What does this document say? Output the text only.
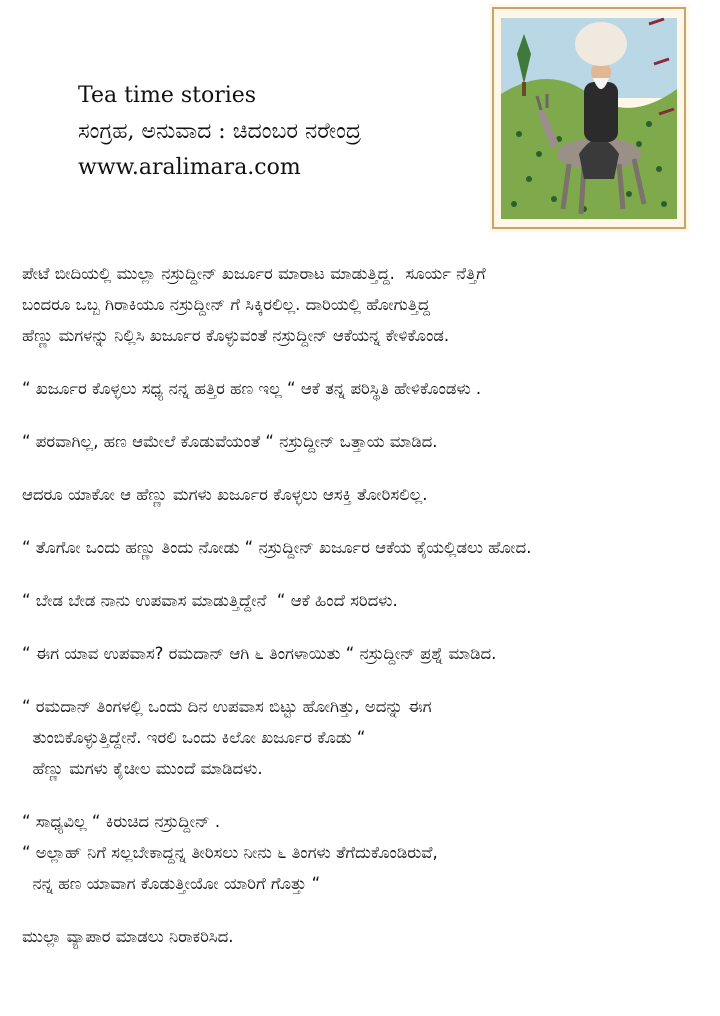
Tea time stories
ಸಂಗ್ರಹ, ಅನುವಾದ : ಚಿದಂಬರ ನರೇಂದ್ರ
www.aralimara.com

ಪೇಟೆ ಬೀದಿಯಲ್ಲಿ ಮುಲ್ಲಾ ನಸ್ರುದ್ದೀನ್ ಖರ್ಜೂರ ಮಾರಾಟ ಮಾಡುತ್ತಿದ್ದ.  ಸೂರ್ಯ ನೆತ್ತಿಗೆ

ಬಂದರೂ ಒಬ್ಬ ಗಿರಾಕಿಯೂ ನಸ್ರುದ್ದೀನ್ ಗೆ ಸಿಕ್ಕಿರಲಿಲ್ಲ. ದಾರಿಯಲ್ಲಿ ಹೋಗುತ್ತಿದ್ದ

ಹೆಣ್ಣು ಮಗಳನ್ನು ನಿಲ್ಲಿಸಿ ಖರ್ಜೂರ ಕೊಳ್ಳುವಂತೆ ನಸ್ರುದ್ದೀನ್ ಆಕೆಯನ್ನ ಕೇಳಿಕೊಂಡ.

“ ಖರ್ಜೂರ ಕೊಳ್ಳಲು ಸಧ್ಯ ನನ್ನ ಹತ್ತಿರ ಹಣ ಇಲ್ಲ “ ಆಕೆ ತನ್ನ ಪರಿಸ್ಥಿತಿ ಹೇಳಿಕೊಂಡಳು .

“ ಪರವಾಗಿಲ್ಲ, ಹಣ ಆಮೇಲೆ ಕೊಡುವೆಯಂತೆ “ ನಸ್ರುದ್ದೀನ್ ಒತ್ತಾಯ ಮಾಡಿದ.

ಆದರೂ ಯಾಕೋ ಆ ಹೆಣ್ಣು ಮಗಳು ಖರ್ಜೂರ ಕೊಳ್ಳಲು ಆಸಕ್ತಿ ತೋರಿಸಲಿಲ್ಲ.

“ ತೊಗೋ ಒಂದು ಹಣ್ಣು ತಿಂದು ನೋಡು “ ನಸ್ರುದ್ದೀನ್ ಖರ್ಜೂರ ಆಕೆಯ ಕೈಯಲ್ಲಿಡಲು ಹೋದ.

“ ಬೇಡ ಬೇಡ ನಾನು ಉಪವಾಸ ಮಾಡುತ್ತಿದ್ದೇನೆ  “ ಆಕೆ ಹಿಂದೆ ಸರಿದಳು.

“ ಈಗ ಯಾವ ಉಪವಾಸ? ರಮದಾನ್ ಆಗಿ ೬ ತಿಂಗಳಾಯಿತು “ ನಸ್ರುದ್ದೀನ್ ಪ್ರಶ್ನೆ ಮಾಡಿದ.

“ ರಮದಾನ್ ತಿಂಗಳಲ್ಲಿ ಒಂದು ದಿನ ಉಪವಾಸ ಬಿಟ್ಟು ಹೋಗಿತ್ತು, ಅದನ್ನು ಈಗ

ತುಂಬಿಕೊಳ್ಳುತ್ತಿದ್ದೇನೆ. ಇರಲಿ ಒಂದು ಕಿಲೋ ಖರ್ಜೂರ ಕೊಡು “

ಹೆಣ್ಣು ಮಗಳು ಕೈಚೀಲ ಮುಂದೆ ಮಾಡಿದಳು.

“ ಸಾಧ್ಯವಿಲ್ಲ “ ಕಿರುಚಿದ ನಸ್ರುದ್ದೀನ್ .

“ ಅಲ್ಲಾಹ್ ನಿಗೆ ಸಲ್ಲಬೇಕಾದ್ದನ್ನ ತೀರಿಸಲು ನೀನು ೬ ತಿಂಗಳು ತೆಗೆದುಕೊಂಡಿರುವೆ,

ನನ್ನ ಹಣ ಯಾವಾಗ ಕೊಡುತ್ತೀಯೋ ಯಾರಿಗೆ ಗೊತ್ತು “

ಮುಲ್ಲಾ ವ್ಯಾಪಾರ ಮಾಡಲು ನಿರಾಕರಿಸಿದ.
